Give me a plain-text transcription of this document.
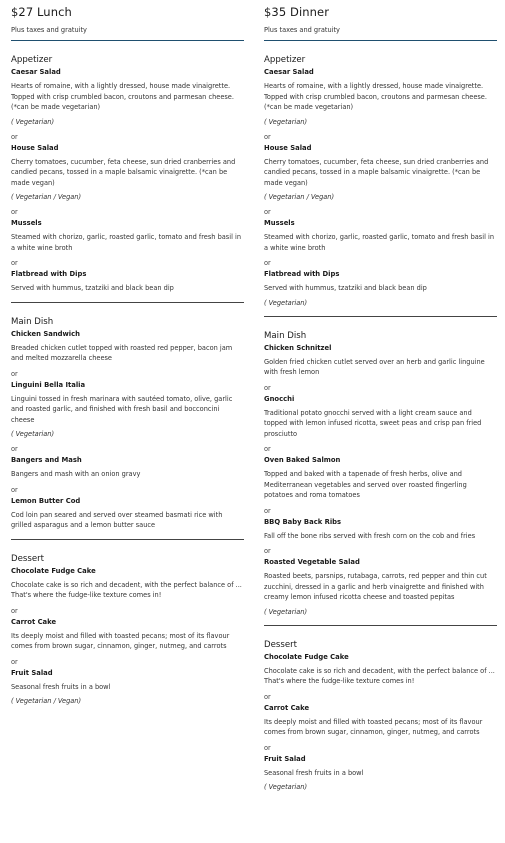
$27 Lunch
Plus taxes and gratuity
Appetizer
Caesar Salad
Hearts of romaine, with a lightly dressed, house made vinaigrette. Topped with crisp crumbled bacon, croutons and parmesan cheese. (*can be made vegetarian)
( Vegetarian)
or
House Salad
Cherry tomatoes, cucumber, feta cheese, sun dried cranberries and candied pecans, tossed in a maple balsamic vinaigrette. (*can be made vegan)
( Vegetarian / Vegan)
or
Mussels
Steamed with chorizo, garlic, roasted garlic, tomato and fresh basil in a white wine broth
or
Flatbread with Dips
Served with hummus, tzatziki and black bean dip
Main Dish
Chicken Sandwich
Breaded chicken cutlet topped with roasted red pepper, bacon jam and melted mozzarella cheese
or
Linguini Bella Italia
Linguini tossed in fresh marinara with sautéed tomato, olive, garlic and roasted garlic, and finished with fresh basil and bocconcini cheese
( Vegetarian)
or
Bangers and Mash
Bangers and mash with an onion gravy
or
Lemon Butter Cod
Cod loin pan seared and served over steamed basmati rice with grilled asparagus and a lemon butter sauce
Dessert
Chocolate Fudge Cake
Chocolate cake is so rich and decadent, with the perfect balance of ... That's where the fudge-like texture comes in!
or
Carrot Cake
Its deeply moist and filled with toasted pecans; most of its flavour comes from brown sugar, cinnamon, ginger, nutmeg, and carrots
or
Fruit Salad
Seasonal fresh fruits in a bowl
( Vegetarian / Vegan)
$35 Dinner
Plus taxes and gratuity
Appetizer
Caesar Salad
Hearts of romaine, with a lightly dressed, house made vinaigrette. Topped with crisp crumbled bacon, croutons and parmesan cheese. (*can be made vegetarian)
( Vegetarian)
or
House Salad
Cherry tomatoes, cucumber, feta cheese, sun dried cranberries and candied pecans, tossed in a maple balsamic vinaigrette. (*can be made vegan)
( Vegetarian / Vegan)
or
Mussels
Steamed with chorizo, garlic, roasted garlic, tomato and fresh basil in a white wine broth
or
Flatbread with Dips
Served with hummus, tzatziki and black bean dip
( Vegetarian)
Main Dish
Chicken Schnitzel
Golden fried chicken cutlet served over an herb and garlic linguine with fresh lemon
or
Gnocchi
Traditional potato gnocchi served with a light cream sauce and topped with lemon infused ricotta, sweet peas and crisp pan fried prosciutto
or
Oven Baked Salmon
Topped and baked with a tapenade of fresh herbs, olive and Mediterranean vegetables and served over roasted fingerling potatoes and roma tomatoes
or
BBQ Baby Back Ribs
Fall off the bone ribs served with fresh corn on the cob and fries
or
Roasted Vegetable Salad
Roasted beets, parsnips, rutabaga, carrots, red pepper and thin cut zucchini, dressed in a garlic and herb vinaigrette and finished with creamy lemon infused ricotta cheese and toasted pepitas
( Vegetarian)
Dessert
Chocolate Fudge Cake
Chocolate cake is so rich and decadent, with the perfect balance of ... That's where the fudge-like texture comes in!
or
Carrot Cake
Its deeply moist and filled with toasted pecans; most of its flavour comes from brown sugar, cinnamon, ginger, nutmeg, and carrots
or
Fruit Salad
Seasonal fresh fruits in a bowl
( Vegetarian)
